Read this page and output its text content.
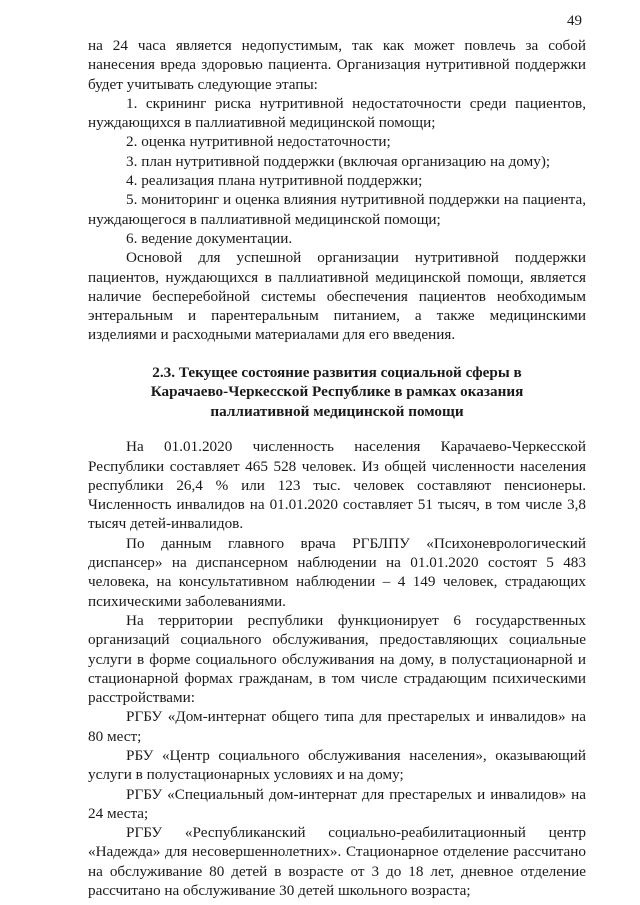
49

на 24 часа является недопустимым, так как может повлечь за собой нанесения вреда здоровью пациента. Организация нутритивной поддержки будет учитывать следующие этапы:

1. скрининг риска нутритивной недостаточности среди пациентов, нуждающихся в паллиативной медицинской помощи;

2. оценка нутритивной недостаточности;

3. план нутритивной поддержки (включая организацию на дому);

4. реализация плана нутритивной поддержки;

5. мониторинг и оценка влияния нутритивной поддержки на пациента, нуждающегося в паллиативной медицинской помощи;

6. ведение документации.

Основой для успешной организации нутритивной поддержки пациентов, нуждающихся в паллиативной медицинской помощи, является наличие бесперебойной системы обеспечения пациентов необходимым энтеральным и парентеральным питанием, а также медицинскими изделиями и расходными материалами для его введения.

2.3. Текущее состояние развития социальной сферы в
Карачаево-Черкесской Республике в рамках оказания
паллиативной медицинской помощи

На 01.01.2020 численность населения Карачаево-Черкесской Республики составляет 465 528 человек. Из общей численности населения республики 26,4 % или 123 тыс. человек составляют пенсионеры. Численность инвалидов на 01.01.2020 составляет 51 тысяч, в том числе 3,8 тысяч детей-инвалидов.

По данным главного врача РГБЛПУ «Психоневрологический диспансер» на диспансерном наблюдении на 01.01.2020 состоят 5 483 человека, на консультативном наблюдении – 4 149 человек, страдающих психическими заболеваниями.

На территории республики функционирует 6 государственных организаций социального обслуживания, предоставляющих социальные услуги в форме социального обслуживания на дому, в полустационарной и стационарной формах гражданам, в том числе страдающим психическими расстройствами:

РГБУ «Дом-интернат общего типа для престарелых и инвалидов» на 80 мест;

РБУ «Центр социального обслуживания населения», оказывающий услуги в полустационарных условиях и на дому;

РГБУ «Специальный дом-интернат для престарелых и инвалидов» на 24 места;

РГБУ «Республиканский социально-реабилитационный центр «Надежда» для несовершеннолетних». Стационарное отделение рассчитано на обслуживание 80 детей в возрасте от 3 до 18 лет, дневное отделение рассчитано на обслуживание 30 детей школьного возраста;
